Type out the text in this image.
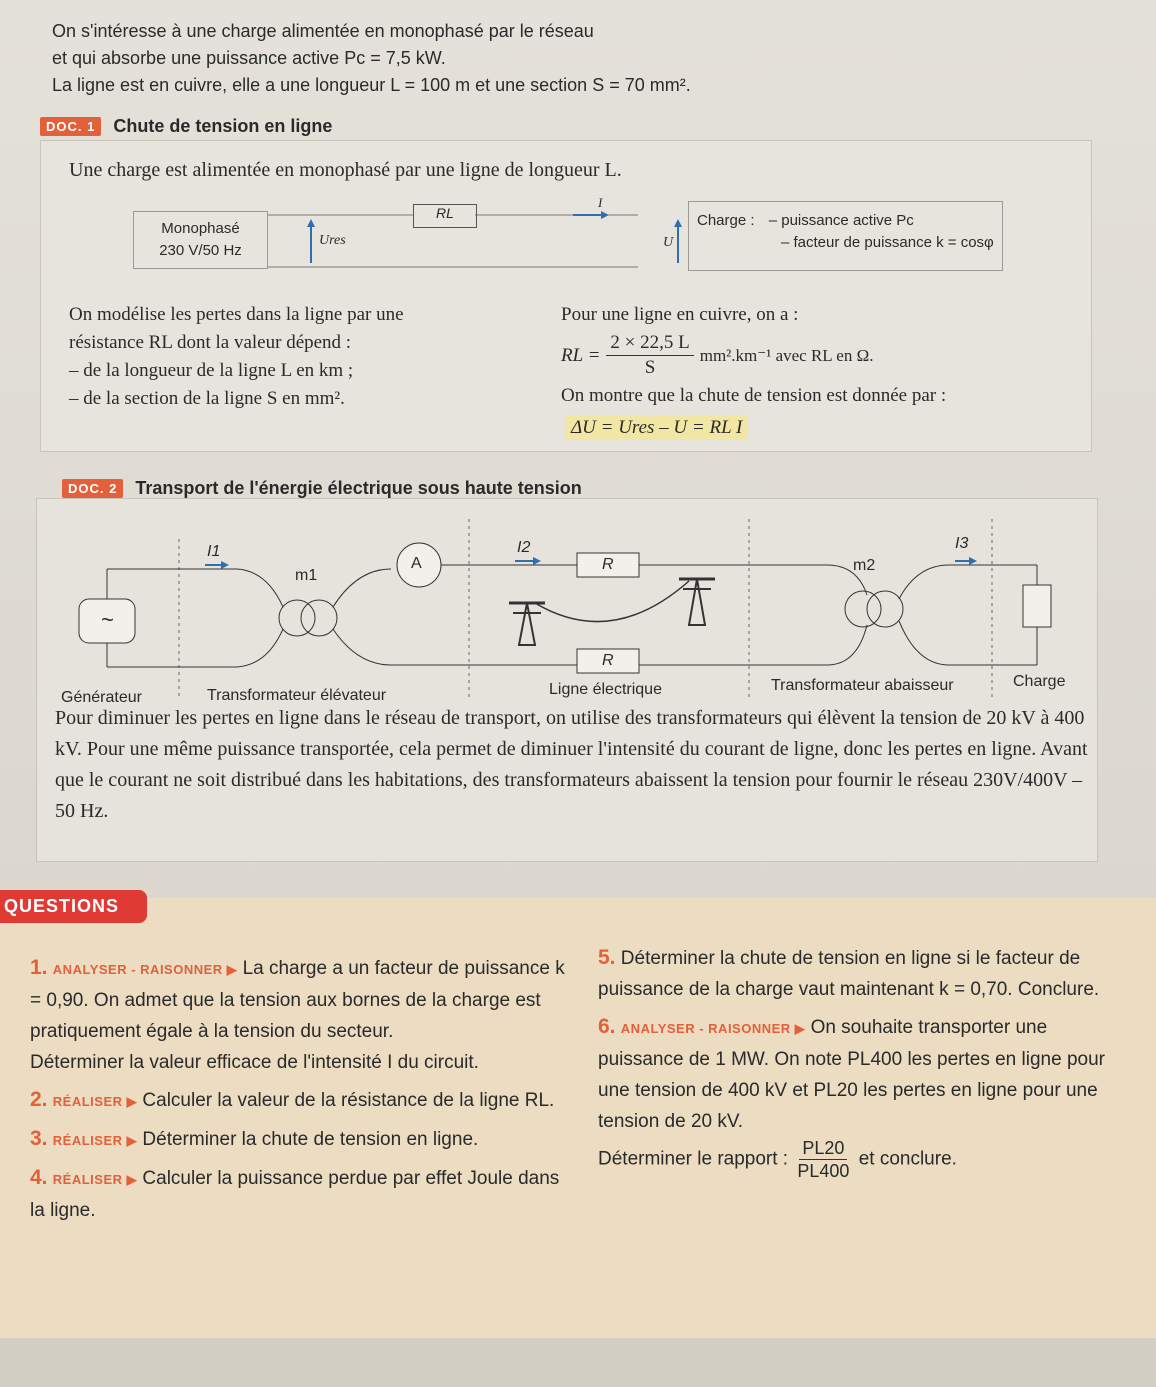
On s'intéresse à une charge alimentée en monophasé par le réseau

et qui absorbe une puissance active Pc = 7,5 kW.

La ligne est en cuivre, elle a une longueur L = 100 m et une section S = 70 mm².

DOC. 1	Chute de tension en ligne
Une charge est alimentée en monophasé par une ligne de longueur L.
Monophasé
230 V/50 Hz
RL
Ures	U
I
Charge : – puissance active Pc
– facteur de puissance k = cosφ
On modélise les pertes dans la ligne par une
résistance RL dont la valeur dépend :
– de la longueur de la ligne L en km ;
– de la section de la ligne S en mm².
Pour une ligne en cuivre, on a :
RL = $\frac{2 \times 22,5 L}{S} mm^2.km^{-1}$ avec RL en Ω.
On montre que la chute de tension est donnée par :
ΔU = Ures – U = RL I
DOC. 2	Transport de l'énergie électrique sous haute tension
~
A	R
R
I1	I2	I3
m1
m2
Générateur	Transformateur élévateur	Ligne électrique	Transformateur abaisseur	Charge
Pour diminuer les pertes en ligne dans le réseau de transport, on utilise des transformateurs qui élèvent la tension de 20 kV à 400 kV. Pour une même puissance transportée, cela permet de diminuer l'intensité du courant de ligne, donc les pertes en ligne. Avant que le courant ne soit distribué dans les habitations, des transformateurs abaissent la tension pour fournir le réseau 230V/400V – 50 Hz.
QUESTIONS

1. ANALYSER - RAISONNER ▶ La charge a un facteur de puissance k = 0,90. On admet que la tension aux bornes de la charge est pratiquement égale à la tension du secteur.
Déterminer la valeur efficace de l'intensité I du circuit.

2. RÉALISER ▶ Calculer la valeur de la résistance de la ligne RL.

3. RÉALISER ▶ Déterminer la chute de tension en ligne.

4. RÉALISER ▶ Calculer la puissance perdue par effet Joule dans la ligne.

5. Déterminer la chute de tension en ligne si le facteur de puissance de la charge vaut maintenant k = 0,70. Conclure.

6. ANALYSER - RAISONNER ▶ On souhaite transporter une puissance de 1 MW. On note PL400 les pertes en ligne pour une tension de 400 kV et PL20 les pertes en ligne pour une tension de 20 kV.
Déterminer le rapport : $\frac{PL20}{PL400}$ et conclure.
